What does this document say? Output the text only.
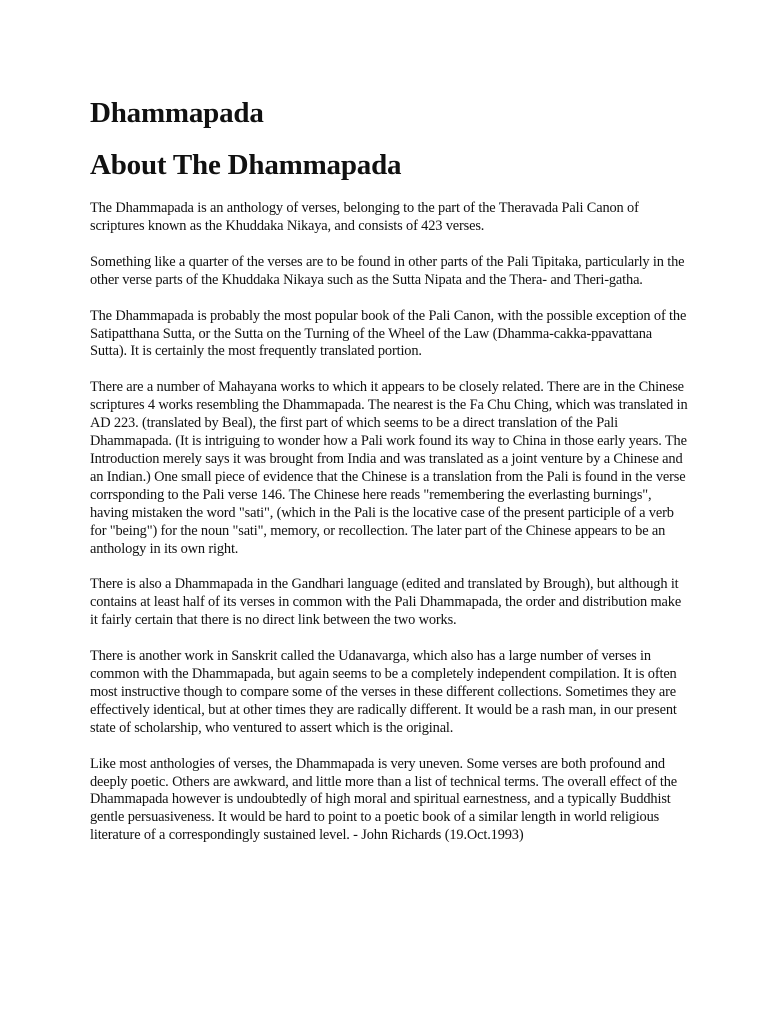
Dhammapada
About The Dhammapada

The Dhammapada is an anthology of verses, belonging to the part of the Theravada Pali Canon of scriptures known as the Khuddaka Nikaya, and consists of 423 verses.

Something like a quarter of the verses are to be found in other parts of the Pali Tipitaka, particularly in the other verse parts of the Khuddaka Nikaya such as the Sutta Nipata and the Thera- and Theri-gatha.

The Dhammapada is probably the most popular book of the Pali Canon, with the possible exception of the Satipatthana Sutta, or the Sutta on the Turning of the Wheel of the Law (Dhamma-cakka-ppavattana Sutta). It is certainly the most frequently translated portion.

There are a number of Mahayana works to which it appears to be closely related. There are in the Chinese scriptures 4 works resembling the Dhammapada. The nearest is the Fa Chu Ching, which was translated in AD 223. (translated by Beal), the first part of which seems to be a direct translation of the Pali Dhammapada. (It is intriguing to wonder how a Pali work found its way to China in those early years. The Introduction merely says it was brought from India and was translated as a joint venture by a Chinese and an Indian.) One small piece of evidence that the Chinese is a translation from the Pali is found in the verse corrsponding to the Pali verse 146. The Chinese here reads "remembering the everlasting burnings", having mistaken the word "sati", (which in the Pali is the locative case of the present participle of a verb for "being") for the noun "sati", memory, or recollection. The later part of the Chinese appears to be an anthology in its own right.

There is also a Dhammapada in the Gandhari language (edited and translated by Brough), but although it contains at least half of its verses in common with the Pali Dhammapada, the order and distribution make it fairly certain that there is no direct link between the two works.

There is another work in Sanskrit called the Udanavarga, which also has a large number of verses in common with the Dhammapada, but again seems to be a completely independent compilation. It is often most instructive though to compare some of the verses in these different collections. Sometimes they are effectively identical, but at other times they are radically different. It would be a rash man, in our present state of scholarship, who ventured to assert which is the original.

Like most anthologies of verses, the Dhammapada is very uneven. Some verses are both profound and deeply poetic. Others are awkward, and little more than a list of technical terms. The overall effect of the Dhammapada however is undoubtedly of high moral and spiritual earnestness, and a typically Buddhist gentle persuasiveness. It would be hard to point to a poetic book of a similar length in world religious literature of a correspondingly sustained level. - John Richards (19.Oct.1993)
